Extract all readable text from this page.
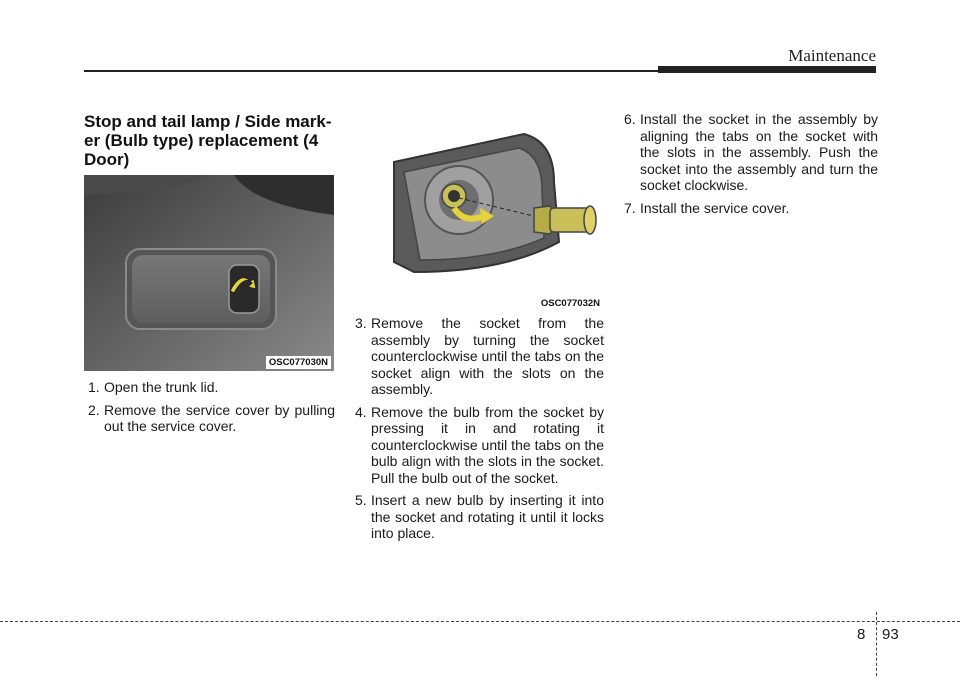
Maintenance
Stop and tail lamp / Side mark-er (Bulb type) replacement (4 Door)
OSC077030N
OSC077032N
1. Open the trunk lid.
2. Remove the service cover by pulling out the service cover.
3. Remove the socket from the assembly by turning the socket counterclockwise until the tabs on the socket align with the slots on the assembly.
4. Remove the bulb from the socket by pressing it in and rotating it counterclockwise until the tabs on the bulb align with the slots in the socket. Pull the bulb out of the socket.
5. Insert a new bulb by inserting it into the socket and rotating it until it locks into place.
6. Install the socket in the assembly by aligning the tabs on the socket with the slots in the assembly. Push the socket into the assembly and turn the socket clockwise.
7. Install the service cover.
8 93
